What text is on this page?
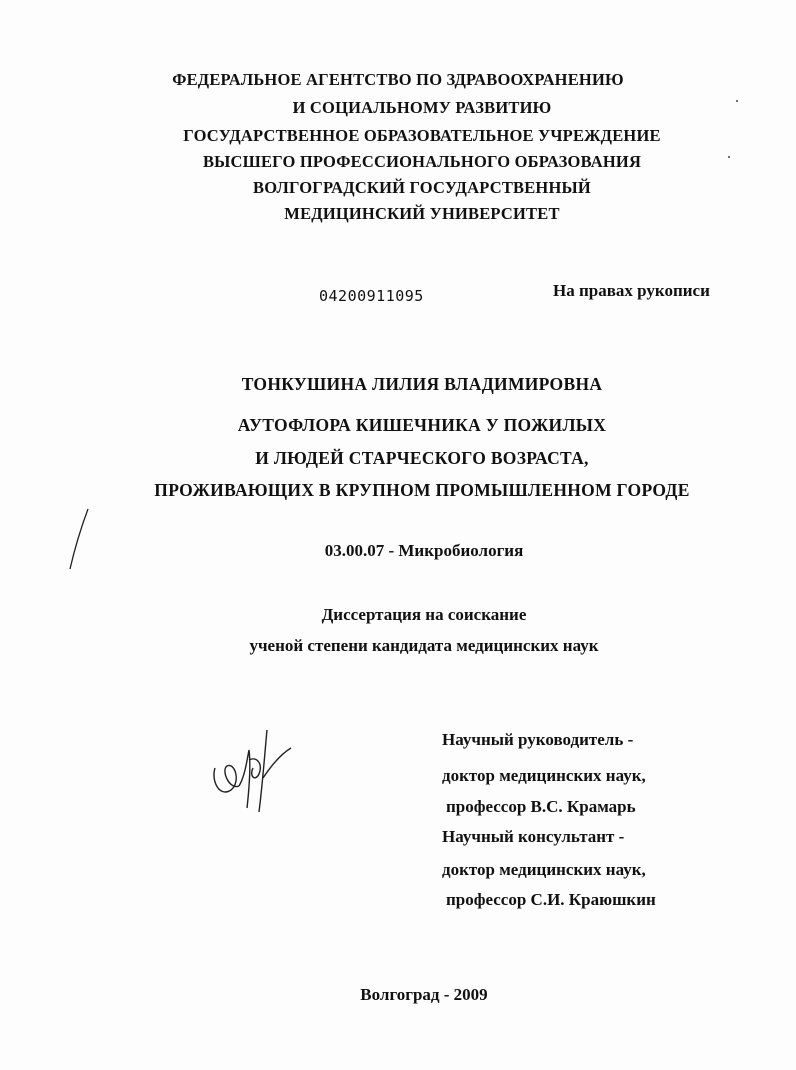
ФЕДЕРАЛЬНОЕ АГЕНТСТВО ПО ЗДРАВООХРАНЕНИЮ
И СОЦИАЛЬНОМУ РАЗВИТИЮ
ГОСУДАРСТВЕННОЕ ОБРАЗОВАТЕЛЬНОЕ УЧРЕЖДЕНИЕ
ВЫСШЕГО ПРОФЕССИОНАЛЬНОГО ОБРАЗОВАНИЯ
ВОЛГОГРАДСКИЙ ГОСУДАРСТВЕННЫЙ
МЕДИЦИНСКИЙ УНИВЕРСИТЕТ
04200911095	На правах рукописи
ТОНКУШИНА ЛИЛИЯ ВЛАДИМИРОВНА
АУТОФЛОРА КИШЕЧНИКА У ПОЖИЛЫХ
И ЛЮДЕЙ СТАРЧЕСКОГО ВОЗРАСТА,
ПРОЖИВАЮЩИХ В КРУПНОМ ПРОМЫШЛЕННОМ ГОРОДЕ
03.00.07 - Микробиология
Диссертация на соискание
ученой степени кандидата медицинских наук
Научный руководитель -
доктор медицинских наук,
профессор В.С. Крамарь
Научный консультант -
доктор медицинских наук,
профессор С.И. Краюшкин
Волгоград - 2009
